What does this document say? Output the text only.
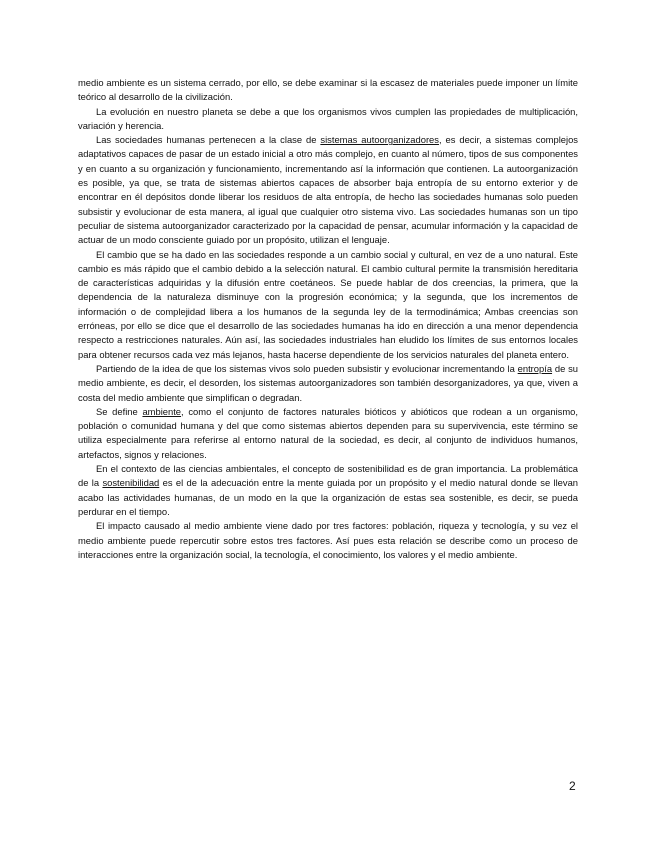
medio ambiente es un sistema cerrado, por ello, se debe examinar si la escasez de materiales puede imponer un límite teórico al desarrollo de la civilización.

La evolución en nuestro planeta se debe a que los organismos vivos cumplen las propiedades de multiplicación, variación y herencia.

Las sociedades humanas pertenecen a la clase de sistemas autoorganizadores, es decir, a sistemas complejos adaptativos capaces de pasar de un estado inicial a otro más complejo, en cuanto al número, tipos de sus componentes y en cuanto a su organización y funcionamiento, incrementando así la información que contienen. La autoorganización es posible, ya que, se trata de sistemas abiertos capaces de absorber baja entropía de su entorno exterior y de encontrar en él depósitos donde liberar los residuos de alta entropía, de hecho las sociedades humanas solo pueden subsistir y evolucionar de esta manera, al igual que cualquier otro sistema vivo. Las sociedades humanas son un tipo peculiar de sistema autoorganizador caracterizado por la capacidad de pensar, acumular información y la capacidad de actuar de un modo consciente guiado por un propósito, utilizan el lenguaje.

El cambio que se ha dado en las sociedades responde a un cambio social y cultural, en vez de a uno natural. Este cambio es más rápido que el cambio debido a la selección natural. El cambio cultural permite la transmisión hereditaria de características adquiridas y la difusión entre coetáneos. Se puede hablar de dos creencias, la primera, que la dependencia de la naturaleza disminuye con la progresión económica; y la segunda, que los incrementos de información o de complejidad libera a los humanos de la segunda ley de la termodinámica; Ambas creencias son erróneas, por ello se dice que el desarrollo de las sociedades humanas ha ido en dirección a una menor dependencia respecto a restricciones naturales. Aún así, las sociedades industriales han eludido los límites de sus entornos locales para obtener recursos cada vez más lejanos, hasta hacerse dependiente de los servicios naturales del planeta entero.

Partiendo de la idea de que los sistemas vivos solo pueden subsistir y evolucionar incrementando la entropía de su medio ambiente, es decir, el desorden, los sistemas autoorganizadores son también desorganizadores, ya que, viven a costa del medio ambiente que simplifican o degradan.

Se define ambiente, como el conjunto de factores naturales bióticos y abióticos que rodean a un organismo, población o comunidad humana y del que como sistemas abiertos dependen para su supervivencia, este término se utiliza especialmente para referirse al entorno natural de la sociedad, es decir, al conjunto de individuos humanos, artefactos, signos y relaciones.

En el contexto de las ciencias ambientales, el concepto de sostenibilidad es de gran importancia. La problemática de la sostenibilidad es el de la adecuación entre la mente guiada por un propósito y el medio natural donde se llevan acabo las actividades humanas, de un modo en la que la organización de estas sea sostenible, es decir, se pueda perdurar en el tiempo.

El impacto causado al medio ambiente viene dado por tres factores: población, riqueza y tecnología, y su vez el medio ambiente puede repercutir sobre estos tres factores. Así pues esta relación se describe como un proceso de interacciones entre la organización social, la tecnología, el conocimiento, los valores y el medio ambiente.

2
